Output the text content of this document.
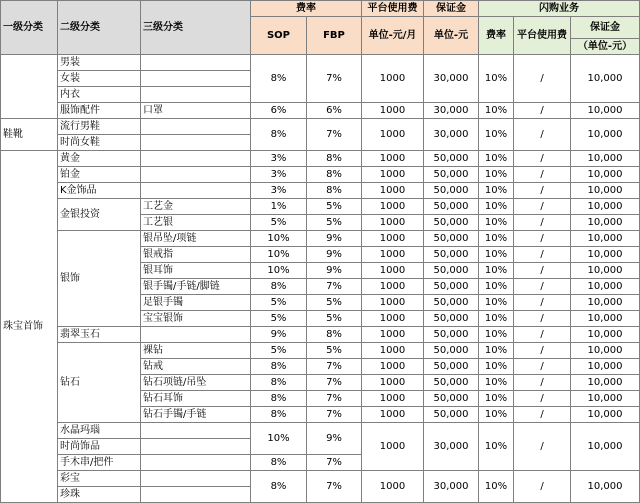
一级分类	二级分类	三级分类	费率		平台使用费	保证金	闪购业务		
			SOP	FBP	单位-元/月	单位-元	费率	平台使用费	保证金
									（单位-元）
	男装		8%	7%	1000	30,000	10%	/	10,000
	女装								
	内衣								
	服饰配件	口罩	6%	6%	1000	30,000	10%	/	10,000
鞋靴	流行男鞋		8%	7%	1000	30,000	10%	/	10,000
	时尚女鞋								
珠宝首饰	黄金		3%	8%	1000	50,000	10%	/	10,000
	铂金		3%	8%	1000	50,000	10%	/	10,000
	K金饰品		3%	8%	1000	50,000	10%	/	10,000
	金银投资	工艺金	1%	5%	1000	50,000	10%	/	10,000
		工艺银	5%	5%	1000	50,000	10%	/	10,000
	银饰	银吊坠/项链	10%	9%	1000	50,000	10%	/	10,000
		银戒指	10%	9%	1000	50,000	10%	/	10,000
		银耳饰	10%	9%	1000	50,000	10%	/	10,000
		银手镯/手链/脚链	8%	7%	1000	50,000	10%	/	10,000
		足银手镯	5%	5%	1000	50,000	10%	/	10,000
		宝宝银饰	5%	5%	1000	50,000	10%	/	10,000
	翡翠玉石		9%	8%	1000	50,000	10%	/	10,000
	钻石	裸钻	5%	5%	1000	50,000	10%	/	10,000
		钻戒	8%	7%	1000	50,000	10%	/	10,000
		钻石项链/吊坠	8%	7%	1000	50,000	10%	/	10,000
		钻石耳饰	8%	7%	1000	50,000	10%	/	10,000
		钻石手镯/手链	8%	7%	1000	50,000	10%	/	10,000
	水晶玛瑙		10%	9%	1000	30,000	10%	/	10,000
	时尚饰品								
	手木串/把件		8%	7%					
	彩宝		8%	7%	1000	30,000	10%	/	10,000
	珍珠								
